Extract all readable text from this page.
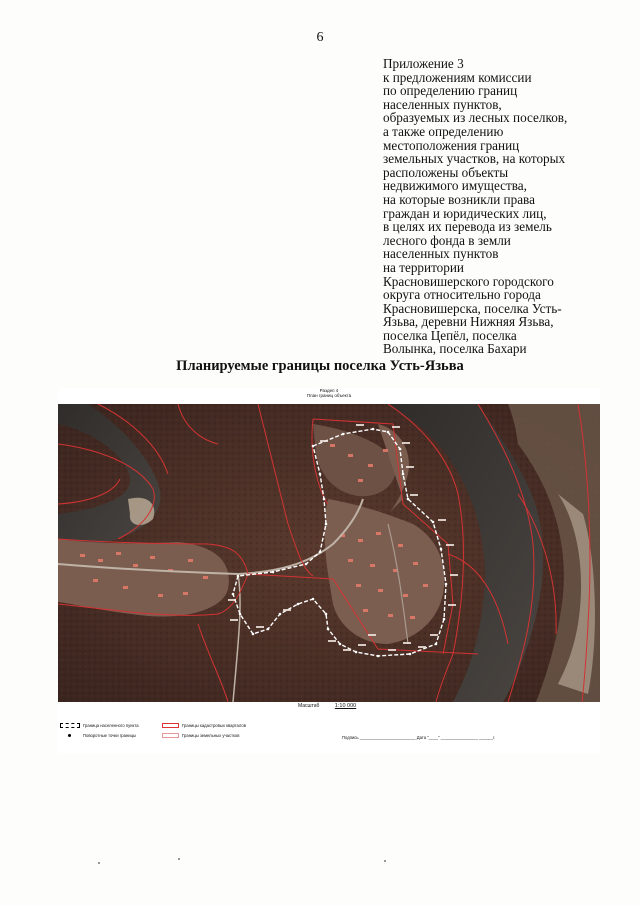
6
Приложение 3
к предложениям комиссии
по определению границ
населенных пунктов,
образуемых из лесных поселков,
а также определению
местоположения границ
земельных участков, на которых
расположены объекты
недвижимого имущества,
на которые возникли права
граждан и юридических лиц,
в целях их перевода из земель
лесного фонда в земли
населенных пунктов
на территории
Красновишерского городского
округа относительно города
Красновишерска, поселка Усть-
Язьва, деревни Нижняя Язьва,
поселка Цепёл, поселка
Волынка, поселка Бахари
Планируемые границы поселка Усть-Язьва
Раздел 4
План границ объекта
Масштаб	1:10 000
Граница населенного пункта
Поворотные точки границы
Границы кадастровых кварталов
Границы земельных участков	Подпись ________________________ Дата "____" ________________ ______г.
